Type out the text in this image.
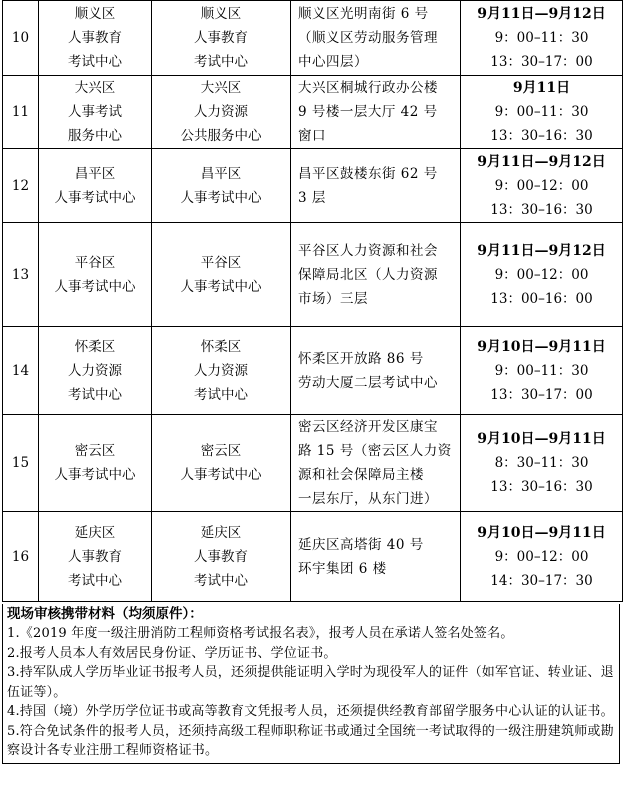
10	顺义区
人事教育
考试中心	顺义区
人事教育
考试中心	顺义区光明南街 6 号
（顺义区劳动服务管理
中心四层）	9月11日—9月12日
9：00–11：30
13：30–17：00

11	大兴区
人事考试
服务中心	大兴区
人力资源
公共服务中心	大兴区桐城行政办公楼
9 号楼一层大厅 42 号
窗口	9月11日
9：00–11：30
13：30–16：30

12	昌平区
人事考试中心	昌平区
人事考试中心	昌平区鼓楼东街 62 号
3 层	9月11日—9月12日
9：00–12：00
13：30–16：30

13	平谷区
人事考试中心	平谷区
人事考试中心	平谷区人力资源和社会
保障局北区（人力资源
市场）三层	9月11日—9月12日
9：00–12：00
13：00–16：00

14	怀柔区
人力资源
考试中心	怀柔区
人力资源
考试中心	怀柔区开放路 86 号
劳动大厦二层考试中心	9月10日—9月11日
9：00–11：30
13：30–17：00

15	密云区
人事考试中心	密云区
人事考试中心	密云区经济开发区康宝
路 15 号（密云区人力资
源和社会保障局主楼
一层东厅，从东门进）	9月10日—9月11日
8：30–11：30
13：30–16：30

16	延庆区
人事教育
考试中心	延庆区
人事教育
考试中心	延庆区高塔街 40 号
环宇集团 6 楼	9月10日—9月11日
9：00–12：00
14：30–17：30
现场审核携带材料（均须原件）：
1.《2019 年度一级注册消防工程师资格考试报名表》，报考人员在承诺人签名处签名。
2.报考人员本人有效居民身份证、学历证书、学位证书。
3.持军队成人学历毕业证书报考人员，还须提供能证明入学时为现役军人的证件（如军官证、转业证、退伍证等）。
4.持国（境）外学历学位证书或高等教育文凭报考人员，还须提供经教育部留学服务中心认证的认证书。
5.符合免试条件的报考人员，还须持高级工程师职称证书或通过全国统一考试取得的一级注册建筑师或勘察设计各专业注册工程师资格证书。
